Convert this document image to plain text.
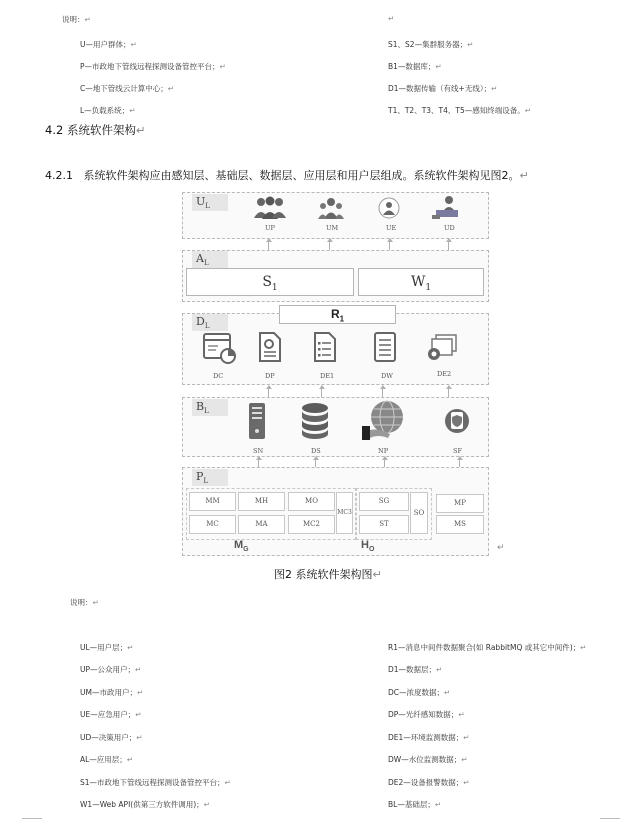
说明：↵	↵
U—用户群体；↵
P—市政地下管线远程探测设备管控平台；↵
C—地下管线云计算中心；↵
L—负载系统；↵
S1、S2—集群服务器；↵
B1—数据库；↵
D1—数据传输（有线+无线）；↵
T1、T2、T3、T4、T5—感知终端设备。↵
4.2 系统软件架构↵
4.2.1 系统软件架构应由感知层、基础层、数据层、应用层和用户层组成。系统软件架构见图2。↵
$U_L$
UP	UM	UE	UD
$A_L$
$S_1$	$W_1$
$D_L$
$R_1$
DC	DP	DE1	DW	DE2
$B_L$
SN	DS	NP	SF
$P_L$
MM	MH	MO
MC	MA	MC2
MC3
SG
ST
SO
MP
MS
$M_G$	$H_O$	↵
图2 系统软件架构图↵
说明：↵
UL—用户层；↵
UP—公众用户；↵
UM—市政用户；↵
UE—应急用户；↵
UD—决策用户；↵
AL—应用层；↵
S1—市政地下管线远程探测设备管控平台；↵
W1—Web API(供第三方软件调用)；↵
R1—消息中间件数据聚合(如 RabbitMQ 或其它中间件)；↵
D1—数据层；↵
DC—浓度数据；↵
DP—光纤感知数据；↵
DE1—环境监测数据；↵
DW—水位监测数据；↵
DE2—设备报警数据；↵
BL—基础层；↵
